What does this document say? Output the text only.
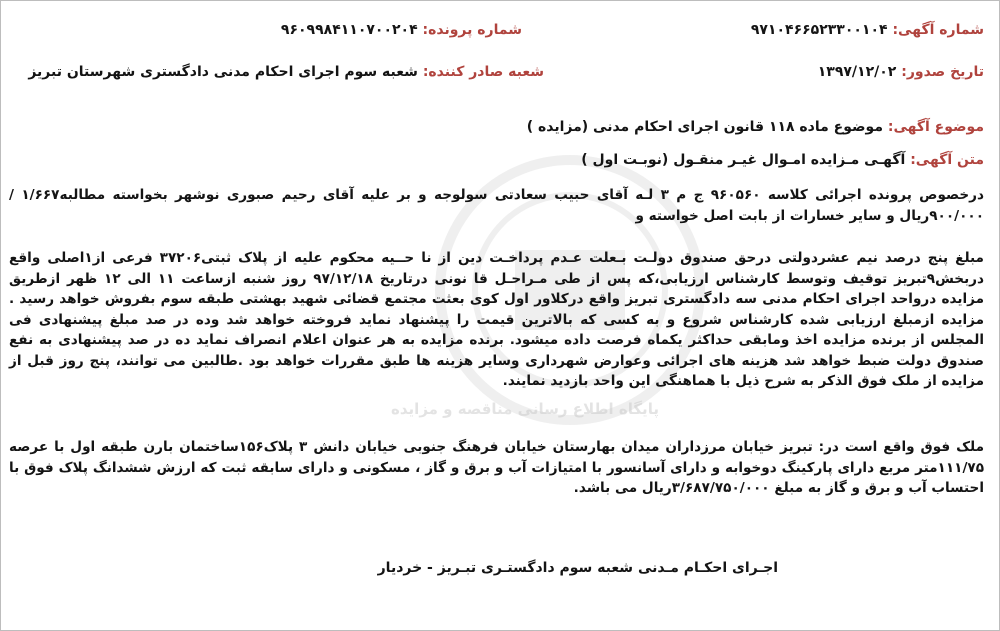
پایگاه اطلاع رسانی مناقصه و مزایده
شماره آگهی: ۹۷۱۰۴۶۶۵۲۳۳۰۰۱۰۴
شماره پرونده: ۹۶۰۹۹۸۴۱۱۰۷۰۰۲۰۴
تاریخ صدور: ۱۳۹۷/۱۲/۰۲
شعبه صادر کننده: شعبه سوم اجرای احکام مدنی دادگستری شهرستان تبریز
موضوع آگهی: موضوع ماده ۱۱۸ قانون اجرای احکام مدنی (مزایده )
متن آگهی: آگهـی مـزایده امـوال غیـر منقـول (نوبـت اول )
درخصوص پرونده اجرائی کلاسه ۹۶۰۵۶۰ ج م ۳ لـه آقای حبیب سعادتی سولوجه و بر علیه آقای رحیم صبوری نوشهر بخواسته مطالبه۱/۶۶۷ /۹۰۰/۰۰۰ریال و سایر خسارات از بابت اصل خواسته و
مبلغ پنج درصد نیم عشردولتی درحق صندوق دولـت بـعلت عـدم پرداخـت دین از نا حــیه محکوم علیه از پلاک ثبتی۳۷۲۰۶ فرعی از۱اصلی واقع دربخش۹تبریز توقیف وتوسط کارشناس ارزیابی،که پس از طی مـراحـل قا نونی درتاریخ ۹۷/۱۲/۱۸ روز شنبه ازساعت ۱۱ الی ۱۲ ظهر ازطریق مزایده درواحد اجرای احکام مدنی سه دادگستری تبریز واقع درکلاور اول کوی بعثت مجتمع قضائی شهید بهشتی طبقه سوم بفروش خواهد رسید . مزایده ازمبلغ ارزیابی شده کارشناس شروع و به کسی که بالاترین قیمت را پیشنهاد نماید فروخته خواهد شد وده در صد مبلغ پیشنهادی فی المجلس از برنده مزایده اخذ ومابقی حداکثر یکماه فرصت داده میشود. برنده مزایده به هر عنوان اعلام انصراف نماید ده در صد پیشنهادی به نفع صندوق دولت ضبط خواهد شد هزینه های اجرائی وعوارض شهرداری وسایر هزینه ها طبق مقررات خواهد بود .طالبین می توانند، پنج روز قبل از مزایده از ملک فوق الذکر به شرح ذیل با هماهنگی این واحد بازدید نمایند.
ملک فوق واقع است در: تبریز خیابان مرزداران میدان بهارستان خیابان فرهنگ جنوبی خیابان دانش ۳ پلاک۱۵۶ساختمان بارن طبقه اول با عرصه ۱۱۱/۷۵متر مربع دارای پارکینگ دوخوابه و دارای آسانسور با امتیازات آب و برق و گاز ، مسکونی و دارای سابقه ثبت که ارزش ششدانگ پلاک فوق با احتساب آب و برق و گاز به مبلغ ۳/۶۸۷/۷۵۰/۰۰۰ریال می باشد.
اجـرای احکـام مـدنی شعبه سوم دادگستـری تبـریز - خردیار
